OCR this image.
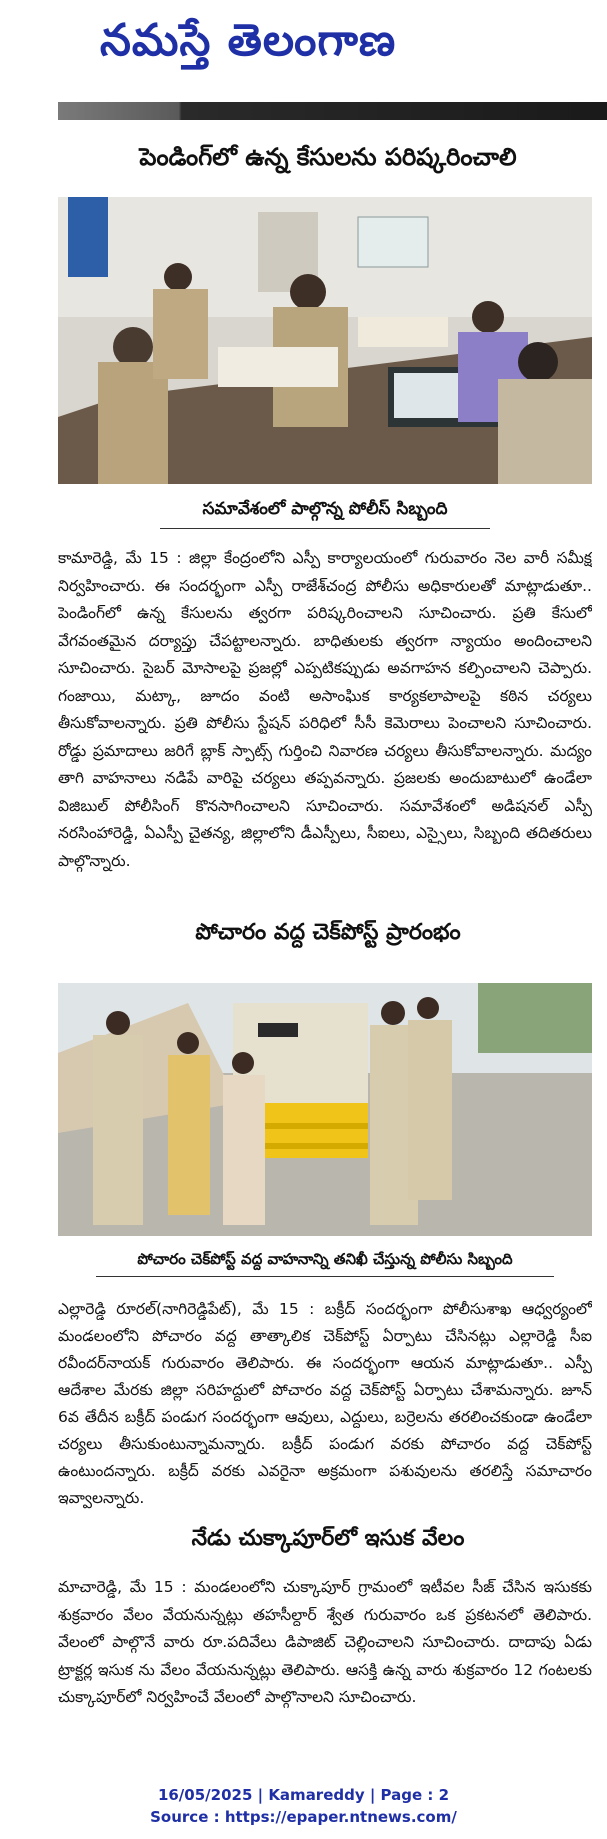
నమస్తే తెలంగాణ
పెండింగ్‌లో ఉన్న కేసులను పరిష్కరించాలి
సమావేశంలో పాల్గొన్న పోలీస్ సిబ్బంది
కామారెడ్డి, మే 15 : జిల్లా కేంద్రంలోని ఎస్పీ కార్యాలయంలో గురువారం నెల వారీ సమీక్ష నిర్వహించారు. ఈ సందర్భంగా ఎస్పీ రాజేశ్‌చంద్ర పోలీసు అధికారులతో మాట్లాడుతూ.. పెండింగ్‌లో ఉన్న కేసులను త్వరగా పరిష్కరించాలని సూచించారు. ప్రతి కేసులో వేగవంతమైన దర్యాప్తు చేపట్టాలన్నారు. బాధితులకు త్వరగా న్యాయం అందించాలని సూచించారు. సైబర్ మోసాలపై ప్రజల్లో ఎప్పటికప్పుడు అవగాహన కల్పించాలని చెప్పారు. గంజాయి, మట్కా, జూదం వంటి అసాంఘిక కార్యకలాపాలపై కఠిన చర్యలు తీసుకోవాలన్నారు. ప్రతి పోలీసు స్టేషన్ పరిధిలో సీసీ కెమెరాలు పెంచాలని సూచించారు. రోడ్డు ప్రమాదాలు జరిగే బ్లాక్ స్పాట్స్ గుర్తించి నివారణ చర్యలు తీసుకోవాలన్నారు. మద్యం తాగి వాహనాలు నడిపే వారిపై చర్యలు తప్పవన్నారు. ప్రజలకు అందుబాటులో ఉండేలా విజిబుల్ పోలీసింగ్ కొనసాగించాలని సూచించారు. సమావేశంలో అడిషనల్ ఎస్పీ నరసింహారెడ్డి, ఏఎస్పీ చైతన్య, జిల్లాలోని డీఎస్పీలు, సీఐలు, ఎస్సైలు, సిబ్బంది తదితరులు పాల్గొన్నారు.
పోచారం వద్ద చెక్‌పోస్ట్ ప్రారంభం
పోచారం చెక్‌పోస్ట్ వద్ద వాహనాన్ని తనిఖీ చేస్తున్న పోలీసు సిబ్బంది
ఎల్లారెడ్డి రూరల్(నాగిరెడ్డిపేట్), మే 15 : బక్రీద్ సందర్భంగా పోలీసుశాఖ ఆధ్వర్యంలో మండలంలోని పోచారం వద్ద తాత్కాలిక చెక్‌పోస్ట్ ఏర్పాటు చేసినట్లు ఎల్లారెడ్డి సీఐ రవీందర్‌నాయక్ గురువారం తెలిపారు. ఈ సందర్భంగా ఆయన మాట్లాడుతూ.. ఎస్పీ ఆదేశాల మేరకు జిల్లా సరిహద్దులో పోచారం వద్ద చెక్‌పోస్ట్ ఏర్పాటు చేశామన్నారు. జూన్ 6వ తేదీన బక్రీద్ పండుగ సందర్భంగా ఆవులు, ఎద్దులు, బర్రెలను తరలించకుండా ఉండేలా చర్యలు తీసుకుంటున్నామన్నారు. బక్రీద్ పండుగ వరకు పోచారం వద్ద చెక్‌పోస్ట్ ఉంటుందన్నారు. బక్రీద్ వరకు ఎవరైనా అక్రమంగా పశువులను తరలిస్తే సమాచారం ఇవ్వాలన్నారు.
నేడు చుక్కాపూర్‌లో ఇసుక వేలం
మాచారెడ్డి, మే 15 : మండలంలోని చుక్కాపూర్ గ్రామంలో ఇటీవల సీజ్ చేసిన ఇసుకకు శుక్రవారం వేలం వేయనున్నట్లు తహసీల్దార్ శ్వేత గురువారం ఒక ప్రకటనలో తెలిపారు. వేలంలో పాల్గొనే వారు రూ.పదివేలు డిపాజిట్ చెల్లించాలని సూచించారు. దాదాపు ఏడు ట్రాక్టర్ల ఇసుక ను వేలం వేయనున్నట్లు తెలిపారు. ఆసక్తి ఉన్న వారు శుక్రవారం 12 గంటలకు చుక్కాపూర్‌లో నిర్వహించే వేలంలో పాల్గొనాలని సూచించారు.
16/05/2025 | Kamareddy | Page : 2
Source : https://epaper.ntnews.com/
